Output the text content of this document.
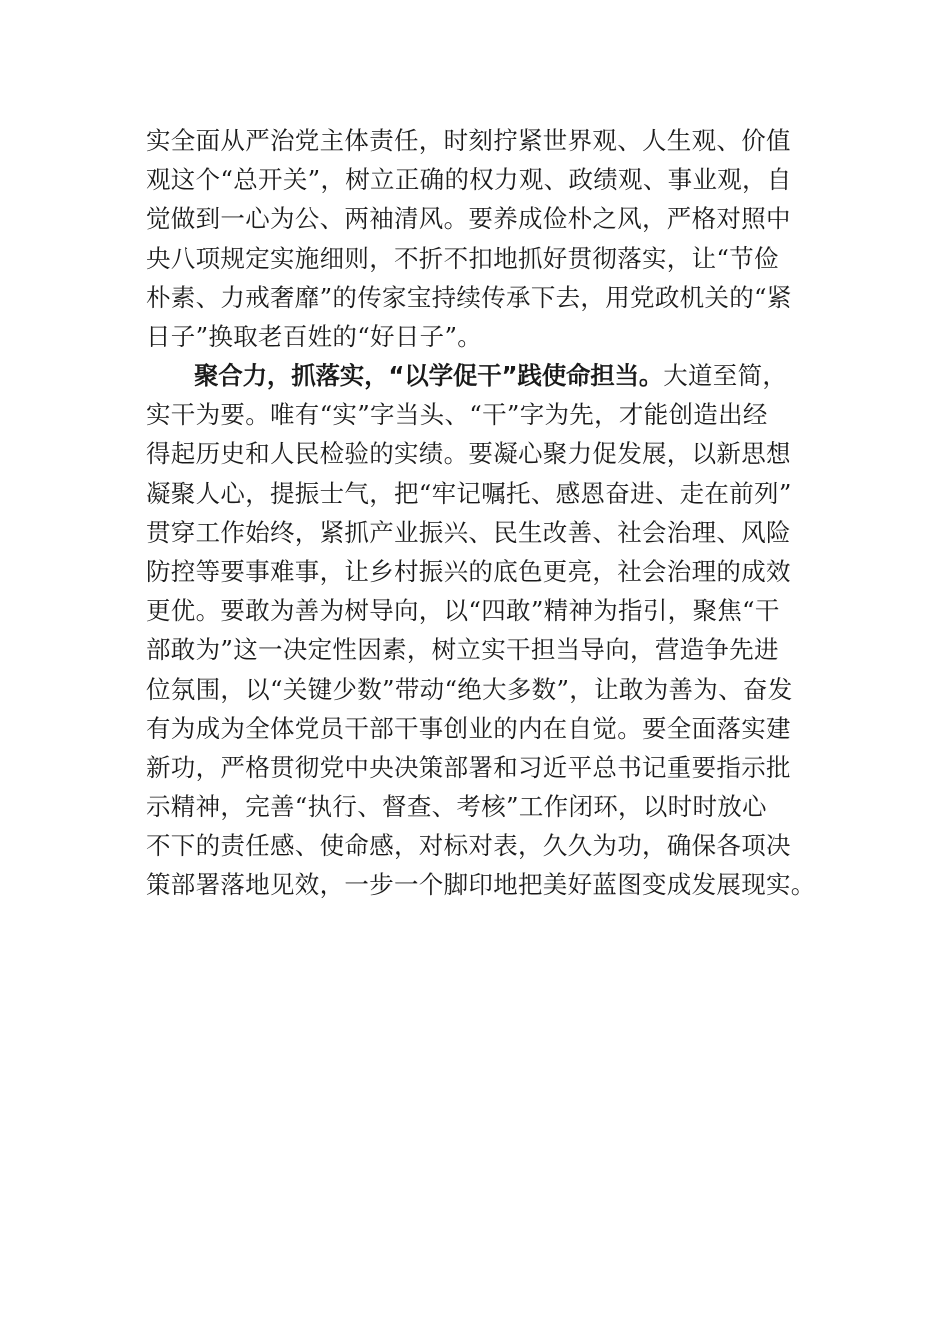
实全面从严治党主体责任，时刻拧紧世界观、人生观、价值
观这个“总开关”，树立正确的权力观、政绩观、事业观，自
觉做到一心为公、两袖清风。要养成俭朴之风，严格对照中
央八项规定实施细则，不折不扣地抓好贯彻落实，让“节俭
朴素、力戒奢靡”的传家宝持续传承下去，用党政机关的“紧
日子”换取老百姓的“好日子”。
聚合力，抓落实，“以学促干”践使命担当。大道至简，
实干为要。唯有“实”字当头、“干”字为先，才能创造出经
得起历史和人民检验的实绩。要凝心聚力促发展，以新思想
凝聚人心，提振士气，把“牢记嘱托、感恩奋进、走在前列”
贯穿工作始终，紧抓产业振兴、民生改善、社会治理、风险
防控等要事难事，让乡村振兴的底色更亮，社会治理的成效
更优。要敢为善为树导向，以“四敢”精神为指引，聚焦“干
部敢为”这一决定性因素，树立实干担当导向，营造争先进
位氛围，以“关键少数”带动“绝大多数”，让敢为善为、奋发
有为成为全体党员干部干事创业的内在自觉。要全面落实建
新功，严格贯彻党中央决策部署和习近平总书记重要指示批
示精神，完善“执行、督查、考核”工作闭环，以时时放心
不下的责任感、使命感，对标对表，久久为功，确保各项决
策部署落地见效，一步一个脚印地把美好蓝图变成发展现实。
